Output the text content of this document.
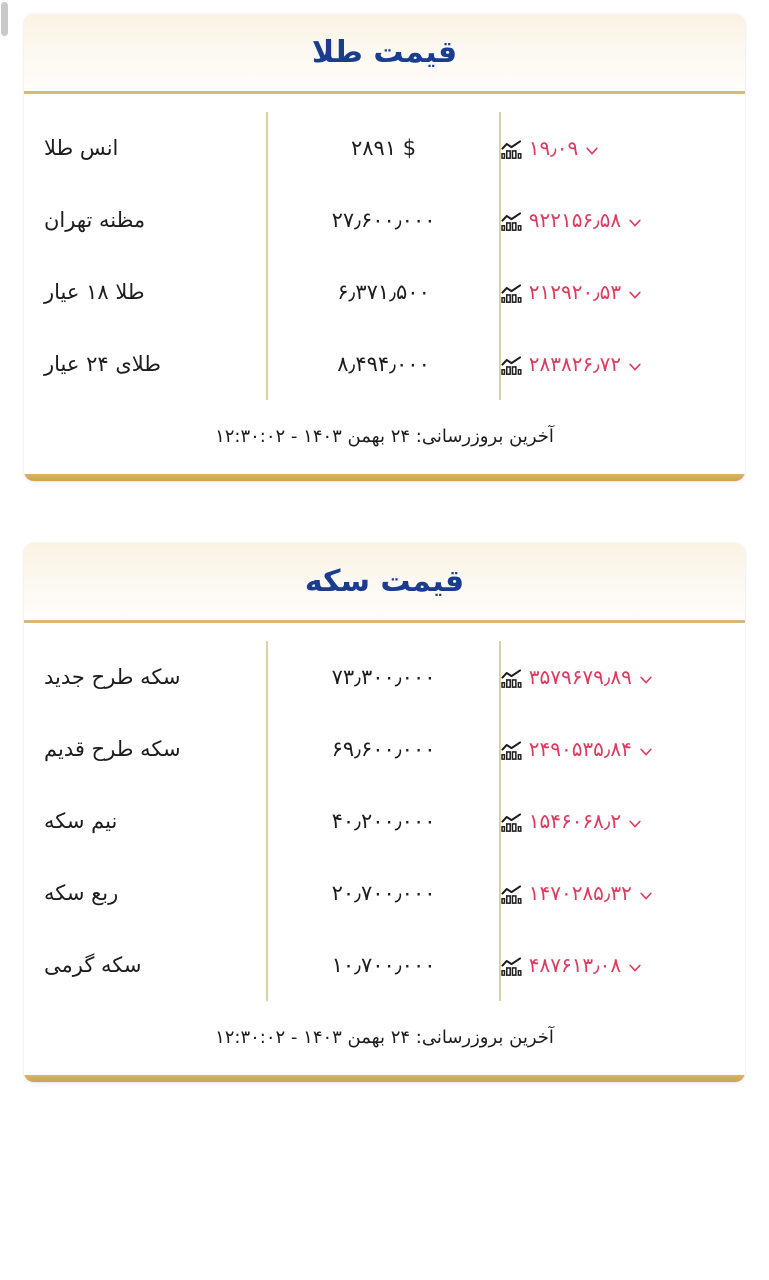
قیمت طلا
۱۹٫۰۹	۲۸۹۱ $	انس طلا

۹۲۲۱۵۶٫۵۸	۲۷٫۶۰۰٫۰۰۰	مظنه تهران

۲۱۲۹۲۰٫۵۳	۶٫۳۷۱٫۵۰۰	طلا ۱۸ عیار

۲۸۳۸۲۶٫۷۲	۸٫۴۹۴٫۰۰۰	طلای ۲۴ عیار
آخرین بروزرسانی: ۲۴ بهمن ۱۴۰۳ - ۱۲:۳۰:۰۲
قیمت سکه
۳۵۷۹۶۷۹٫۸۹	۷۳٫۳۰۰٫۰۰۰	سکه طرح جدید

۲۴۹۰۵۳۵٫۸۴	۶۹٫۶۰۰٫۰۰۰	سکه طرح قدیم

۱۵۴۶۰۶۸٫۲	۴۰٫۲۰۰٫۰۰۰	نیم سکه

۱۴۷۰۲۸۵٫۳۲	۲۰٫۷۰۰٫۰۰۰	ربع سکه

۴۸۷۶۱۳٫۰۸	۱۰٫۷۰۰٫۰۰۰	سکه گرمی
آخرین بروزرسانی: ۲۴ بهمن ۱۴۰۳ - ۱۲:۳۰:۰۲
